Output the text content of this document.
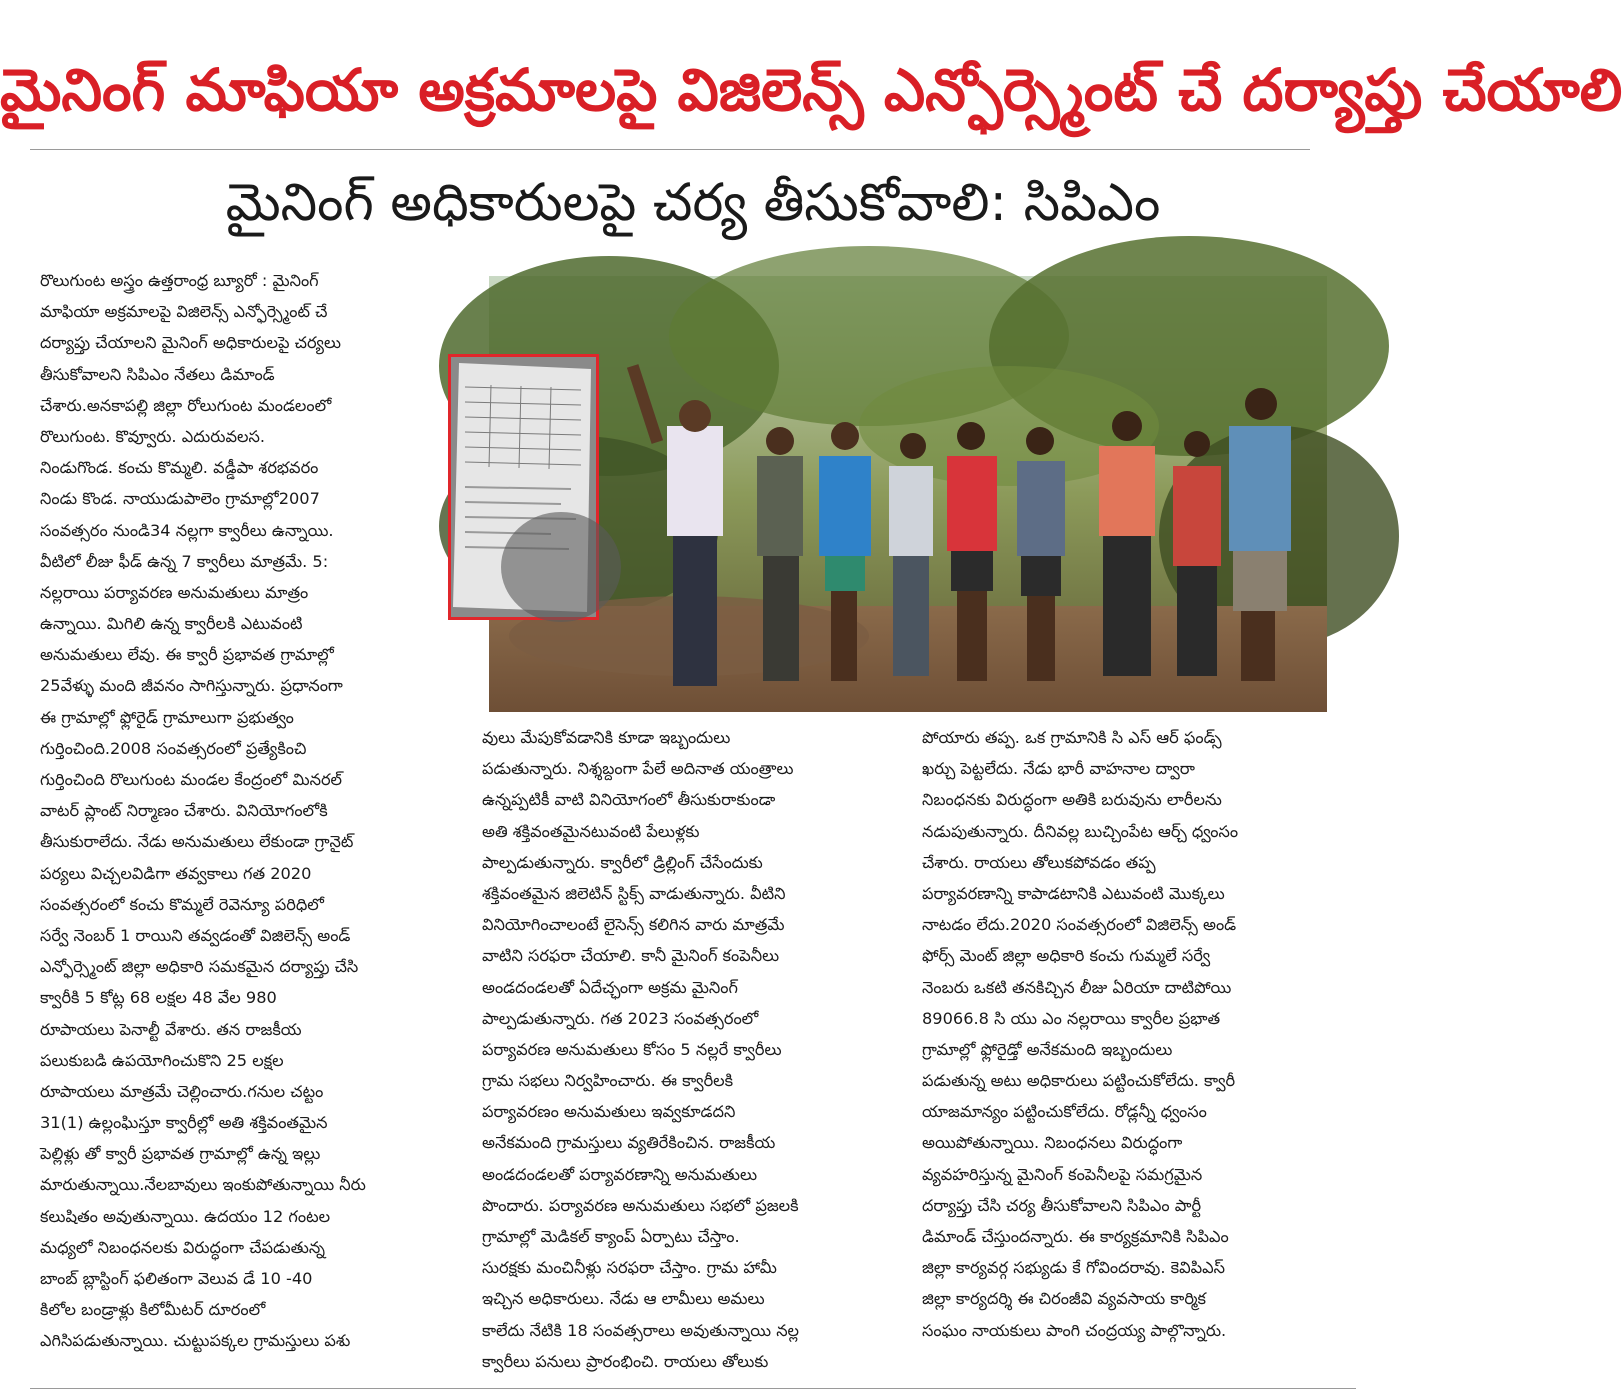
మైనింగ్ మాఫియా అక్రమాలపై విజిలెన్స్ ఎన్ఫోర్స్మెంట్ చే దర్యాప్తు చేయాలి
మైనింగ్ అధికారులపై చర్య తీసుకోవాలి: సిపిఎం
రొలుగుంట అస్త్రం ఉత్తరాంధ్ర బ్యూరో : మైనింగ్
మాఫియా అక్రమాలపై విజిలెన్స్ ఎన్ఫోర్స్మెంట్ చే
దర్యాప్తు చేయాలని మైనింగ్ అధికారులపై చర్యలు
తీసుకోవాలని సిపిఎం నేతలు డిమాండ్
చేశారు.అనకాపల్లి జిల్లా రోలుగుంట మండలంలో
రొలుగుంట. కొవ్వూరు. ఎదురువలస.
నిండుగొండ. కంచు కొమ్మలి. వడ్డీపా శరభవరం
నిండు కొండ. నాయుడుపాలెం గ్రామాల్లో2007
సంవత్సరం నుండి34 నల్లగా క్వారీలు ఉన్నాయి.
వీటిలో లీజు ఫీడ్ ఉన్న 7 క్వారీలు మాత్రమే. 5:
నల్లరాయి పర్యావరణ అనుమతులు మాత్రం
ఉన్నాయి. మిగిలి ఉన్న క్వారీలకి ఎటువంటి
అనుమతులు లేవు. ఈ క్వారీ ప్రభావత గ్రామాల్లో
25వేళ్ళు మంది జీవనం సాగిస్తున్నారు. ప్రధానంగా
ఈ గ్రామాల్లో ఫ్లోరైడ్ గ్రామాలుగా ప్రభుత్వం
గుర్తించింది.2008 సంవత్సరంలో ప్రత్యేకించి
గుర్తించింది రొలుగుంట మండల కేంద్రంలో మినరల్
వాటర్ ప్లాంట్ నిర్మాణం చేశారు. వినియోగంలోకి
తీసుకురాలేదు. నేడు అనుమతులు లేకుండా గ్రానైట్
పర్యలు విచ్చలవిడిగా తవ్వకాలు గత 2020
సంవత్సరంలో కంచు కొమ్మలే రెవెన్యూ పరిధిలో
సర్వే నెంబర్ 1 రాయిని తవ్వడంతో విజిలెన్స్ అండ్
ఎన్ఫోర్స్మెంట్ జిల్లా అధికారి సమకమైన దర్యాప్తు చేసి
క్వారీకి 5 కోట్ల 68 లక్షల 48 వేల 980
రూపాయలు పెనాల్టీ వేశారు. తన రాజకీయ
పలుకుబడి ఉపయోగించుకొని 25 లక్షల
రూపాయలు మాత్రమే చెల్లించారు.గనుల చట్టం
31(1) ఉల్లంఘిస్తూ క్వారీల్లో అతి శక్తివంతమైన
పెల్లిళ్లు తో క్వారీ ప్రభావత గ్రామాల్లో ఉన్న ఇల్లు
మారుతున్నాయి.నేలబావులు ఇంకుపోతున్నాయి నీరు
కలుషితం అవుతున్నాయి. ఉదయం 12 గంటల
మధ్యలో నిబంధనలకు విరుద్ధంగా చేపడుతున్న
బాంబ్ బ్లాస్టింగ్ ఫలితంగా వెలువ డే 10 -40
కిలోల బండ్రాళ్లు కిలోమీటర్ దూరంలో
ఎగిసిపడుతున్నాయి. చుట్టుపక్కల గ్రామస్తులు పశు
వులు మేపుకోవడానికి కూడా ఇబ్బందులు
పడుతున్నారు. నిశ్శబ్దంగా పేలే అదినాత యంత్రాలు
ఉన్నప్పటికీ వాటి వినియోగంలో తీసుకురాకుండా
అతి శక్తివంతమైనటువంటి పేలుళ్లకు
పాల్పడుతున్నారు. క్వారీలో డ్రిల్లింగ్ చేసేందుకు
శక్తివంతమైన జిలెటిన్ స్టిక్స్ వాడుతున్నారు. వీటిని
వినియోగించాలంటే లైసెన్స్ కలిగిన వారు మాత్రమే
వాటిని సరఫరా చేయాలి. కానీ మైనింగ్ కంపెనీలు
అండదండలతో ఏదేచ్ఛంగా అక్రమ మైనింగ్
పాల్పడుతున్నారు. గత 2023 సంవత్సరంలో
పర్యావరణ అనుమతులు కోసం 5 నల్లరే క్వారీలు
గ్రామ సభలు నిర్వహించారు. ఈ క్వారీలకి
పర్యావరణం అనుమతులు ఇవ్వకూడదని
అనేకమంది గ్రామస్తులు వ్యతిరేకించిన. రాజకీయ
అండదండలతో పర్యావరణాన్ని అనుమతులు
పొందారు. పర్యావరణ అనుమతులు సభలో ప్రజలకి
గ్రామాల్లో మెడికల్ క్యాంప్ ఏర్పాటు చేస్తాం.
సురక్షకు మంచినీళ్లు సరఫరా చేస్తాం. గ్రామ హామీ
ఇచ్చిన అధికారులు. నేడు ఆ లామీలు అమలు
కాలేదు నేటికి 18 సంవత్సరాలు అవుతున్నాయి నల్ల
క్వారీలు పనులు ప్రారంభించి. రాయలు తోలుకు
పోయారు తప్ప. ఒక గ్రామానికి సి ఎస్ ఆర్ ఫండ్స్
ఖర్చు పెట్టలేదు. నేడు భారీ వాహనాల ద్వారా
నిబంధనకు విరుద్ధంగా అతికి బరువును లారీలను
నడుపుతున్నారు. దీనివల్ల బుచ్చింపేట ఆర్చ్ ధ్వంసం
చేశారు. రాయలు తోలుకపోవడం తప్ప
పర్యావరణాన్ని కాపాడటానికి ఎటువంటి మొక్కలు
నాటడం లేదు.2020 సంవత్సరంలో విజిలెన్స్ అండ్
ఫోర్స్ మెంట్ జిల్లా అధికారి కంచు గుమ్మలే సర్వే
నెంబరు ఒకటి తనకిచ్చిన లీజు ఏరియా దాటిపోయి
89066.8 సి యు ఎం నల్లరాయి క్వారీల ప్రభాత
గ్రామాల్లో ఫ్లోరైడ్తో అనేకమంది ఇబ్బందులు
పడుతున్న అటు అధికారులు పట్టించుకోలేదు. క్వారీ
యాజమాన్యం పట్టించుకోలేదు. రోడ్లన్నీ ధ్వంసం
అయిపోతున్నాయి. నిబంధనలు విరుద్ధంగా
వ్యవహరిస్తున్న మైనింగ్ కంపెనీలపై సమగ్రమైన
దర్యాప్తు చేసి చర్య తీసుకోవాలని సిపిఎం పార్టీ
డిమాండ్ చేస్తుందన్నారు. ఈ కార్యక్రమానికి సిపిఎం
జిల్లా కార్యవర్గ సభ్యుడు కే గోవిందరావు. కెవిపిఎస్
జిల్లా కార్యదర్శి ఈ చిరంజీవి వ్యవసాయ కార్మిక
సంఘం నాయకులు పాంగి చంద్రయ్య పాల్గొన్నారు.
